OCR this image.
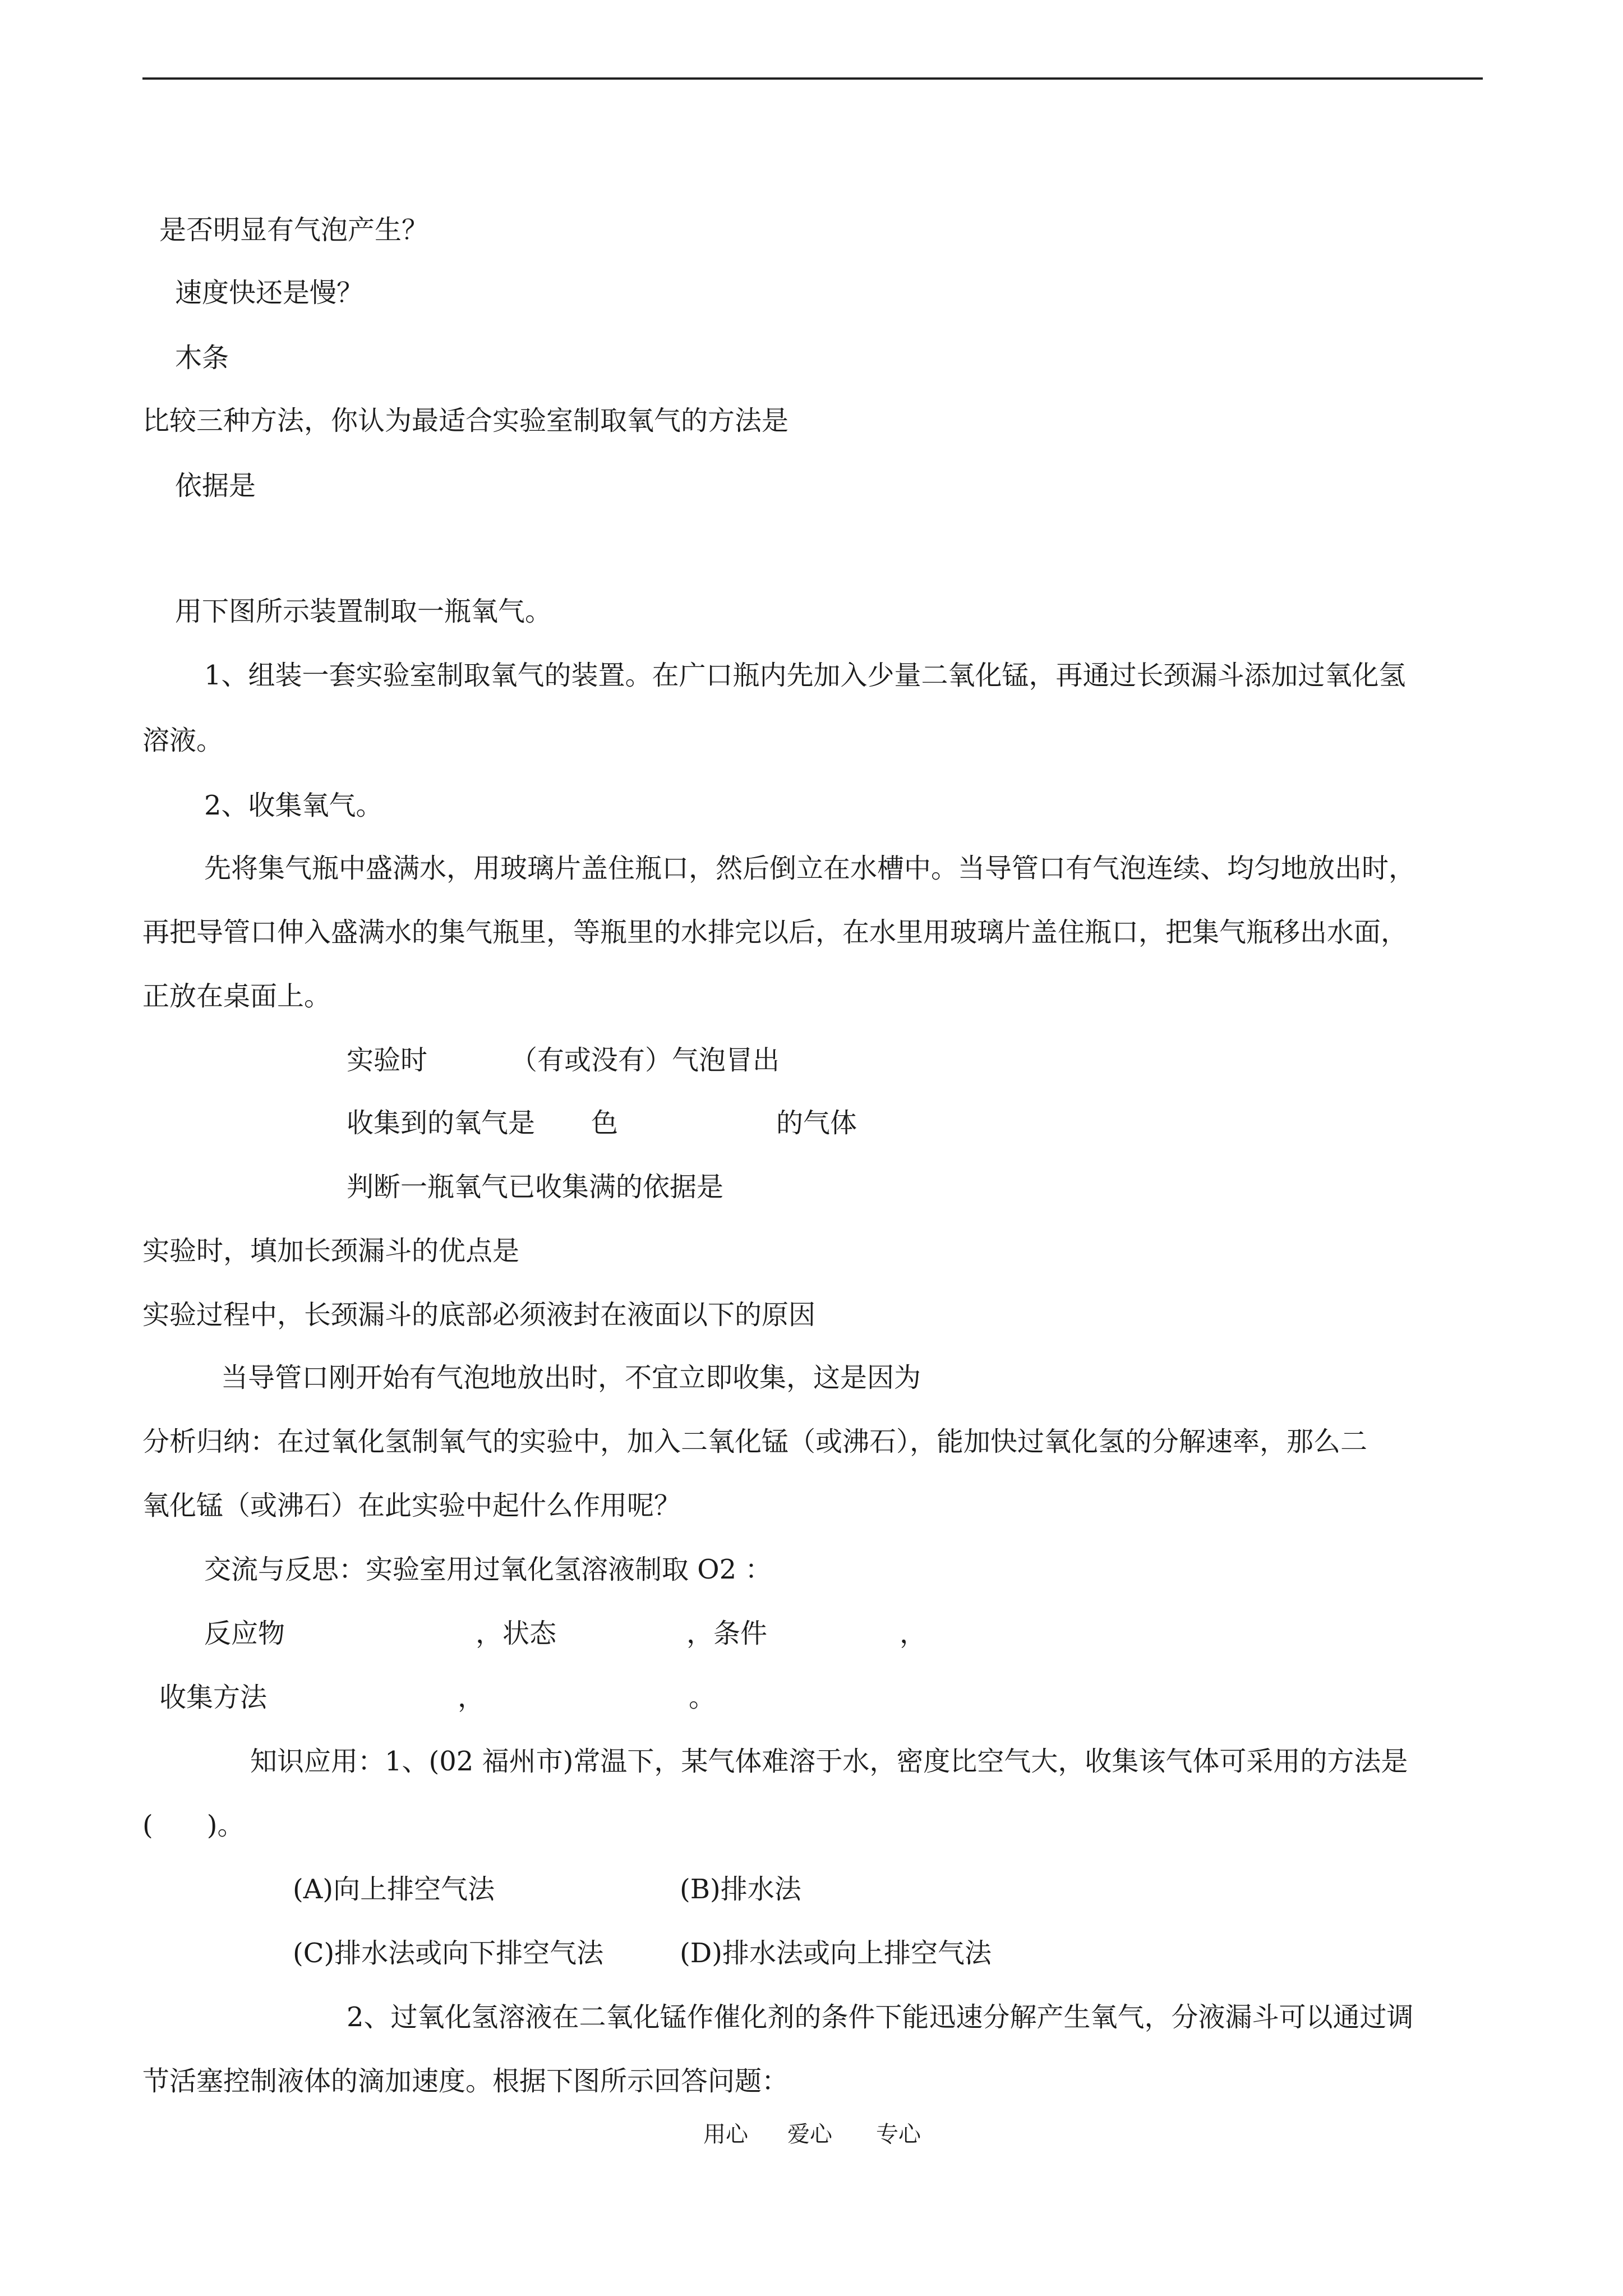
是否明显有气泡产生？
速度快还是慢？
木条
比较三种方法，你认为最适合实验室制取氧气的方法是
依据是
用下图所示装置制取一瓶氧气。
1、组装一套实验室制取氧气的装置。在广口瓶内先加入少量二氧化锰，再通过长颈漏斗添加过氧化氢
溶液。
2、收集氧气。
先将集气瓶中盛满水，用玻璃片盖住瓶口，然后倒立在水槽中。当导管口有气泡连续、均匀地放出时，
再把导管口伸入盛满水的集气瓶里，等瓶里的水排完以后，在水里用玻璃片盖住瓶口，把集气瓶移出水面，
正放在桌面上。
实验时	（有或没有）气泡冒出
收集到的氧气是 色	的气体
判断一瓶氧气已收集满的依据是
实验时，填加长颈漏斗的优点是
实验过程中，长颈漏斗的底部必须液封在液面以下的原因
当导管口刚开始有气泡地放出时，不宜立即收集，这是因为
分析归纳：在过氧化氢制氧气的实验中，加入二氧化锰（或沸石），能加快过氧化氢的分解速率，那么二
氧化锰（或沸石）在此实验中起什么作用呢？
交流与反思：实验室用过氧化氢溶液制取 O2 ：
反应物	，状态	，条件	，
收集方法	，	。
知识应用：1、(02 福州市)常温下，某气体难溶于水，密度比空气大，收集该气体可采用的方法是
(　　)。
(A)向上排空气法	(B)排水法
(C)排水法或向下排空气法	(D)排水法或向上排空气法
2、过氧化氢溶液在二氧化锰作催化剂的条件下能迅速分解产生氧气，分液漏斗可以通过调
节活塞控制液体的滴加速度。根据下图所示回答问题：
用心 爱心 专心
